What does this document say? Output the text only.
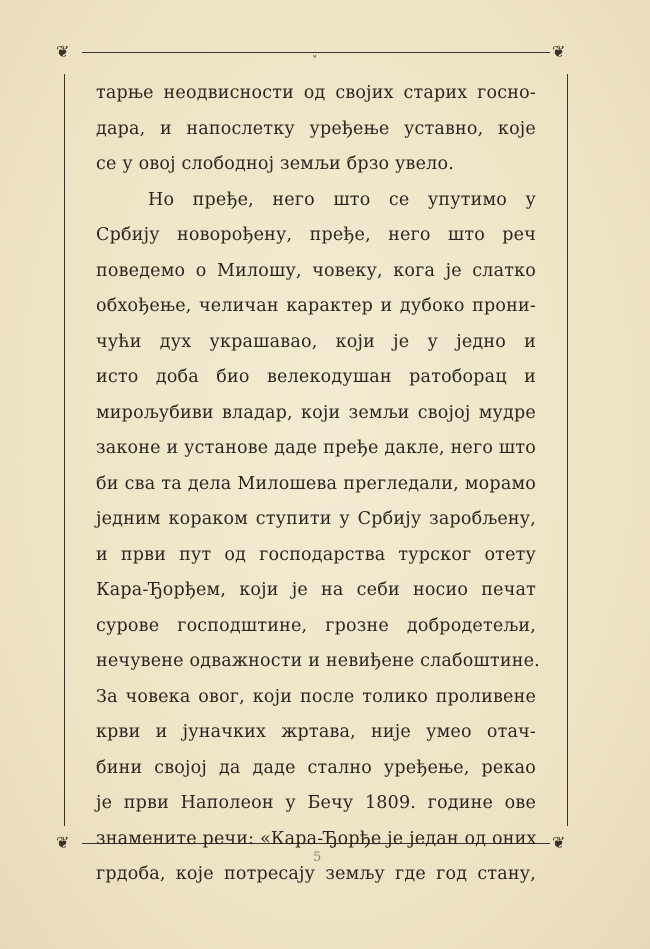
❦	❦
❦	❦
˅
тарње неодвисности од својих старих госно-
дара, и напослетку уређење уставно, које
се у овој слободној земљи брзо увело.
Но пређе, него што се упутимо у
Србију новорођену, пређе, него што реч
поведемо о Милошу, човеку, кога је слатко
обхођење, челичан карактер и дубоко прони-
чући дух украшавао, који је у једно и
исто доба био велекодушан ратоборац и
мирољубиви владар, који земљи својој мудре
законе и установе даде пређе дакле, него што
би сва та дела Милошева прегледали, морамо
једним кораком ступити у Србију заробљену,
и први пут од господарства турског отету
Кара-Ђорђем, који је на себи носио печат
сурове господштине, грозне добродетељи,
нечувене одважности и невиђене слабоштине.
За човека овог, који после толико проливене
крви и јуначких жртава, није умео отач-
бини својој да даде стално уређење, рекао
је први Наполеон у Бечу 1809. године ове
знамените речи: «Кара-Ђорђе је један од оних
грдоба, које потресају земљу где год стану,
5
